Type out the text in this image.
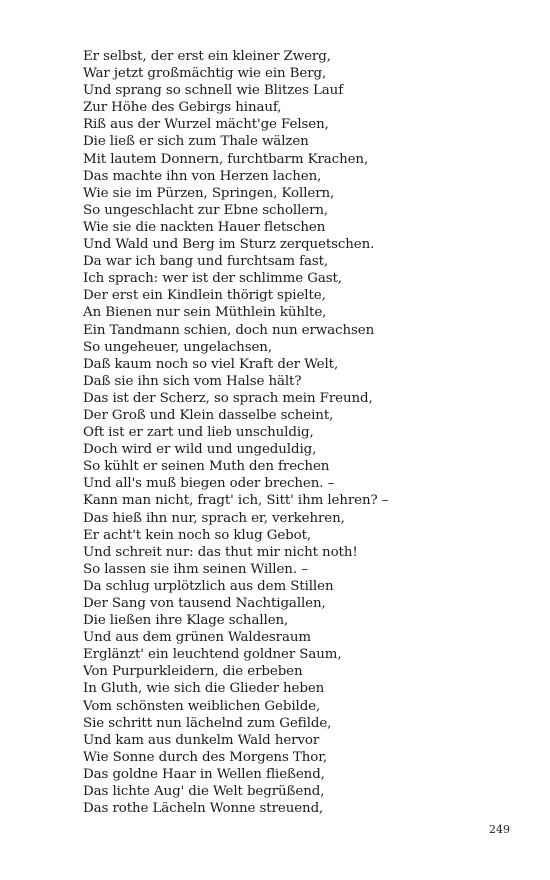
Er selbst, der erst ein kleiner Zwerg,
War jetzt großmächtig wie ein Berg,
Und sprang so schnell wie Blitzes Lauf
Zur Höhe des Gebirgs hinauf,
Riß aus der Wurzel mächt'ge Felsen,
Die ließ er sich zum Thale wälzen
Mit lautem Donnern, furchtbarm Krachen,
Das machte ihn von Herzen lachen,
Wie sie im Pürzen, Springen, Kollern,
So ungeschlacht zur Ebne schollern,
Wie sie die nackten Hauer fletschen
Und Wald und Berg im Sturz zerquetschen.
Da war ich bang und furchtsam fast,
Ich sprach: wer ist der schlimme Gast,
Der erst ein Kindlein thörigt spielte,
An Bienen nur sein Müthlein kühlte,
Ein Tandmann schien, doch nun erwachsen
So ungeheuer, ungelachsen,
Daß kaum noch so viel Kraft der Welt,
Daß sie ihn sich vom Halse hält?
Das ist der Scherz, so sprach mein Freund,
Der Groß und Klein dasselbe scheint,
Oft ist er zart und lieb unschuldig,
Doch wird er wild und ungeduldig,
So kühlt er seinen Muth den frechen
Und all's muß biegen oder brechen. –
Kann man nicht, fragt' ich, Sitt' ihm lehren? –
Das hieß ihn nur, sprach er, verkehren,
Er acht't kein noch so klug Gebot,
Und schreit nur: das thut mir nicht noth!
So lassen sie ihm seinen Willen. –
Da schlug urplötzlich aus dem Stillen
Der Sang von tausend Nachtigallen,
Die ließen ihre Klage schallen,
Und aus dem grünen Waldesraum
Erglänzt' ein leuchtend goldner Saum,
Von Purpurkleidern, die erbeben
In Gluth, wie sich die Glieder heben
Vom schönsten weiblichen Gebilde,
Sie schritt nun lächelnd zum Gefilde,
Und kam aus dunkelm Wald hervor
Wie Sonne durch des Morgens Thor,
Das goldne Haar in Wellen fließend,
Das lichte Aug' die Welt begrüßend,
Das rothe Lächeln Wonne streuend,
249
